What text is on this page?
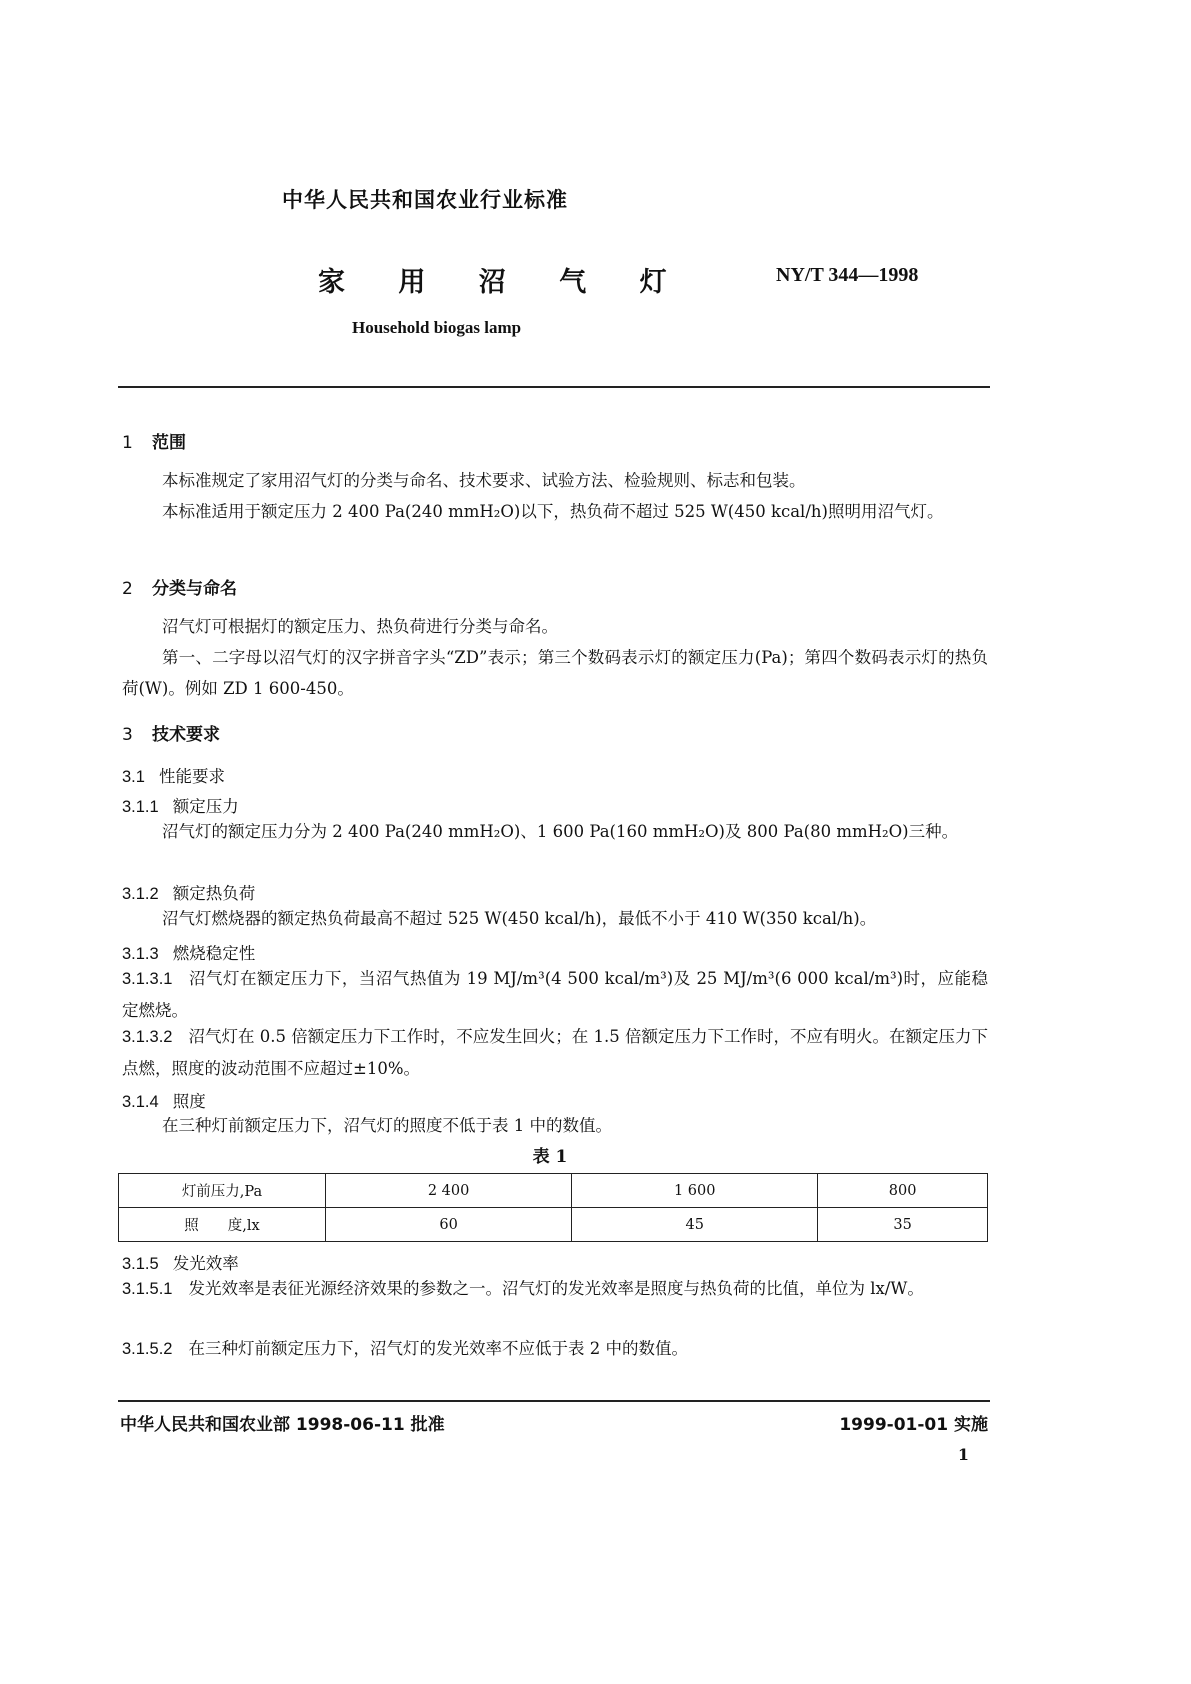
中华人民共和国农业行业标准
家 用 沼 气 灯	NY/T 344—1998
Household biogas lamp
1 范围
本标准规定了家用沼气灯的分类与命名、技术要求、试验方法、检验规则、标志和包装。
本标准适用于额定压力 2 400 Pa(240 mmH₂O)以下，热负荷不超过 525 W(450 kcal/h)照明用沼气灯。
2 分类与命名
沼气灯可根据灯的额定压力、热负荷进行分类与命名。
第一、二字母以沼气灯的汉字拼音字头“ZD”表示；第三个数码表示灯的额定压力(Pa)；第四个数码表示灯的热负荷(W)。例如 ZD 1 600-450。
3 技术要求
3.1 性能要求
3.1.1 额定压力
沼气灯的额定压力分为 2 400 Pa(240 mmH₂O)、1 600 Pa(160 mmH₂O)及 800 Pa(80 mmH₂O)三种。
3.1.2 额定热负荷
沼气灯燃烧器的额定热负荷最高不超过 525 W(450 kcal/h)，最低不小于 410 W(350 kcal/h)。
3.1.3 燃烧稳定性
3.1.3.1 沼气灯在额定压力下，当沼气热值为 19 MJ/m³(4 500 kcal/m³)及 25 MJ/m³(6 000 kcal/m³)时，应能稳定燃烧。
3.1.3.2 沼气灯在 0.5 倍额定压力下工作时，不应发生回火；在 1.5 倍额定压力下工作时，不应有明火。在额定压力下点燃，照度的波动范围不应超过±10%。
3.1.4 照度
在三种灯前额定压力下，沼气灯的照度不低于表 1 中的数值。
表 1
灯前压力,Pa	2 400	1 600	800
照　　度,lx	60	45	35
3.1.5 发光效率
3.1.5.1 发光效率是表征光源经济效果的参数之一。沼气灯的发光效率是照度与热负荷的比值，单位为 lx/W。
3.1.5.2 在三种灯前额定压力下，沼气灯的发光效率不应低于表 2 中的数值。
中华人民共和国农业部 1998-06-11 批准	1999-01-01 实施
1
